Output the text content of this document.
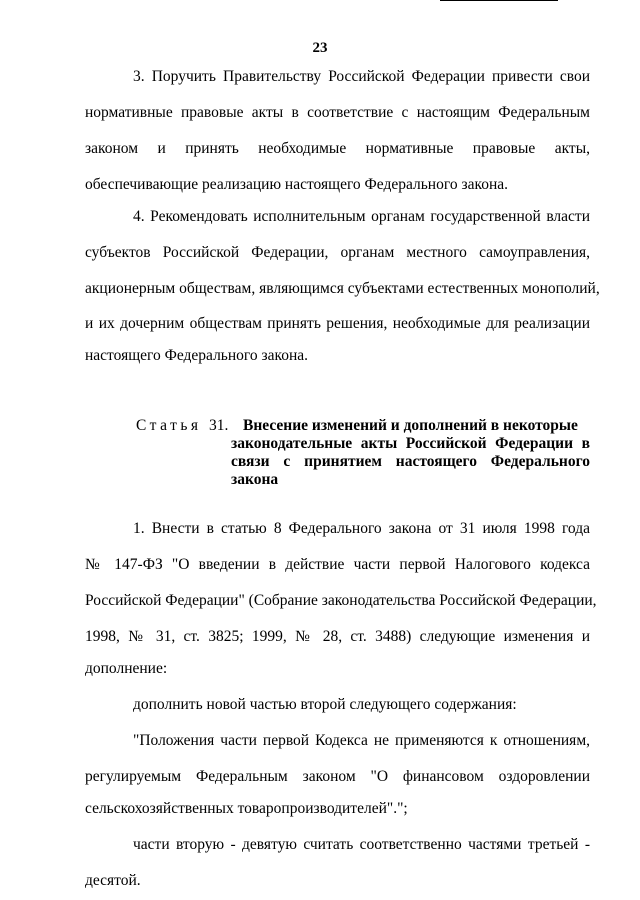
23
3. Поручить Правительству Российской Федерации привести свои
нормативные правовые акты в соответствие с настоящим Федеральным
законом и принять необходимые нормативные правовые акты,
обеспечивающие реализацию настоящего Федерального закона.
4. Рекомендовать исполнительным органам государственной власти
субъектов Российской Федерации, органам местного самоуправления,
акционерным обществам, являющимся субъектами естественных монополий,
и их дочерним обществам принять решения, необходимые для реализации
настоящего Федерального закона.
Статья 31. Внесение изменений и дополнений в некоторые
законодательные акты Российской Федерации в
связи с принятием настоящего Федерального
закона
1. Внести в статью 8 Федерального закона от 31 июля 1998 года
№ 147-ФЗ "О введении в действие части первой Налогового кодекса
Российской Федерации" (Собрание законодательства Российской Федерации,
1998, № 31, ст. 3825; 1999, № 28, ст. 3488) следующие изменения и
дополнение:
дополнить новой частью второй следующего содержания:
"Положения части первой Кодекса не применяются к отношениям,
регулируемым Федеральным законом "О финансовом оздоровлении
сельскохозяйственных товаропроизводителей".";
части вторую - девятую считать соответственно частями третьей -
десятой.
